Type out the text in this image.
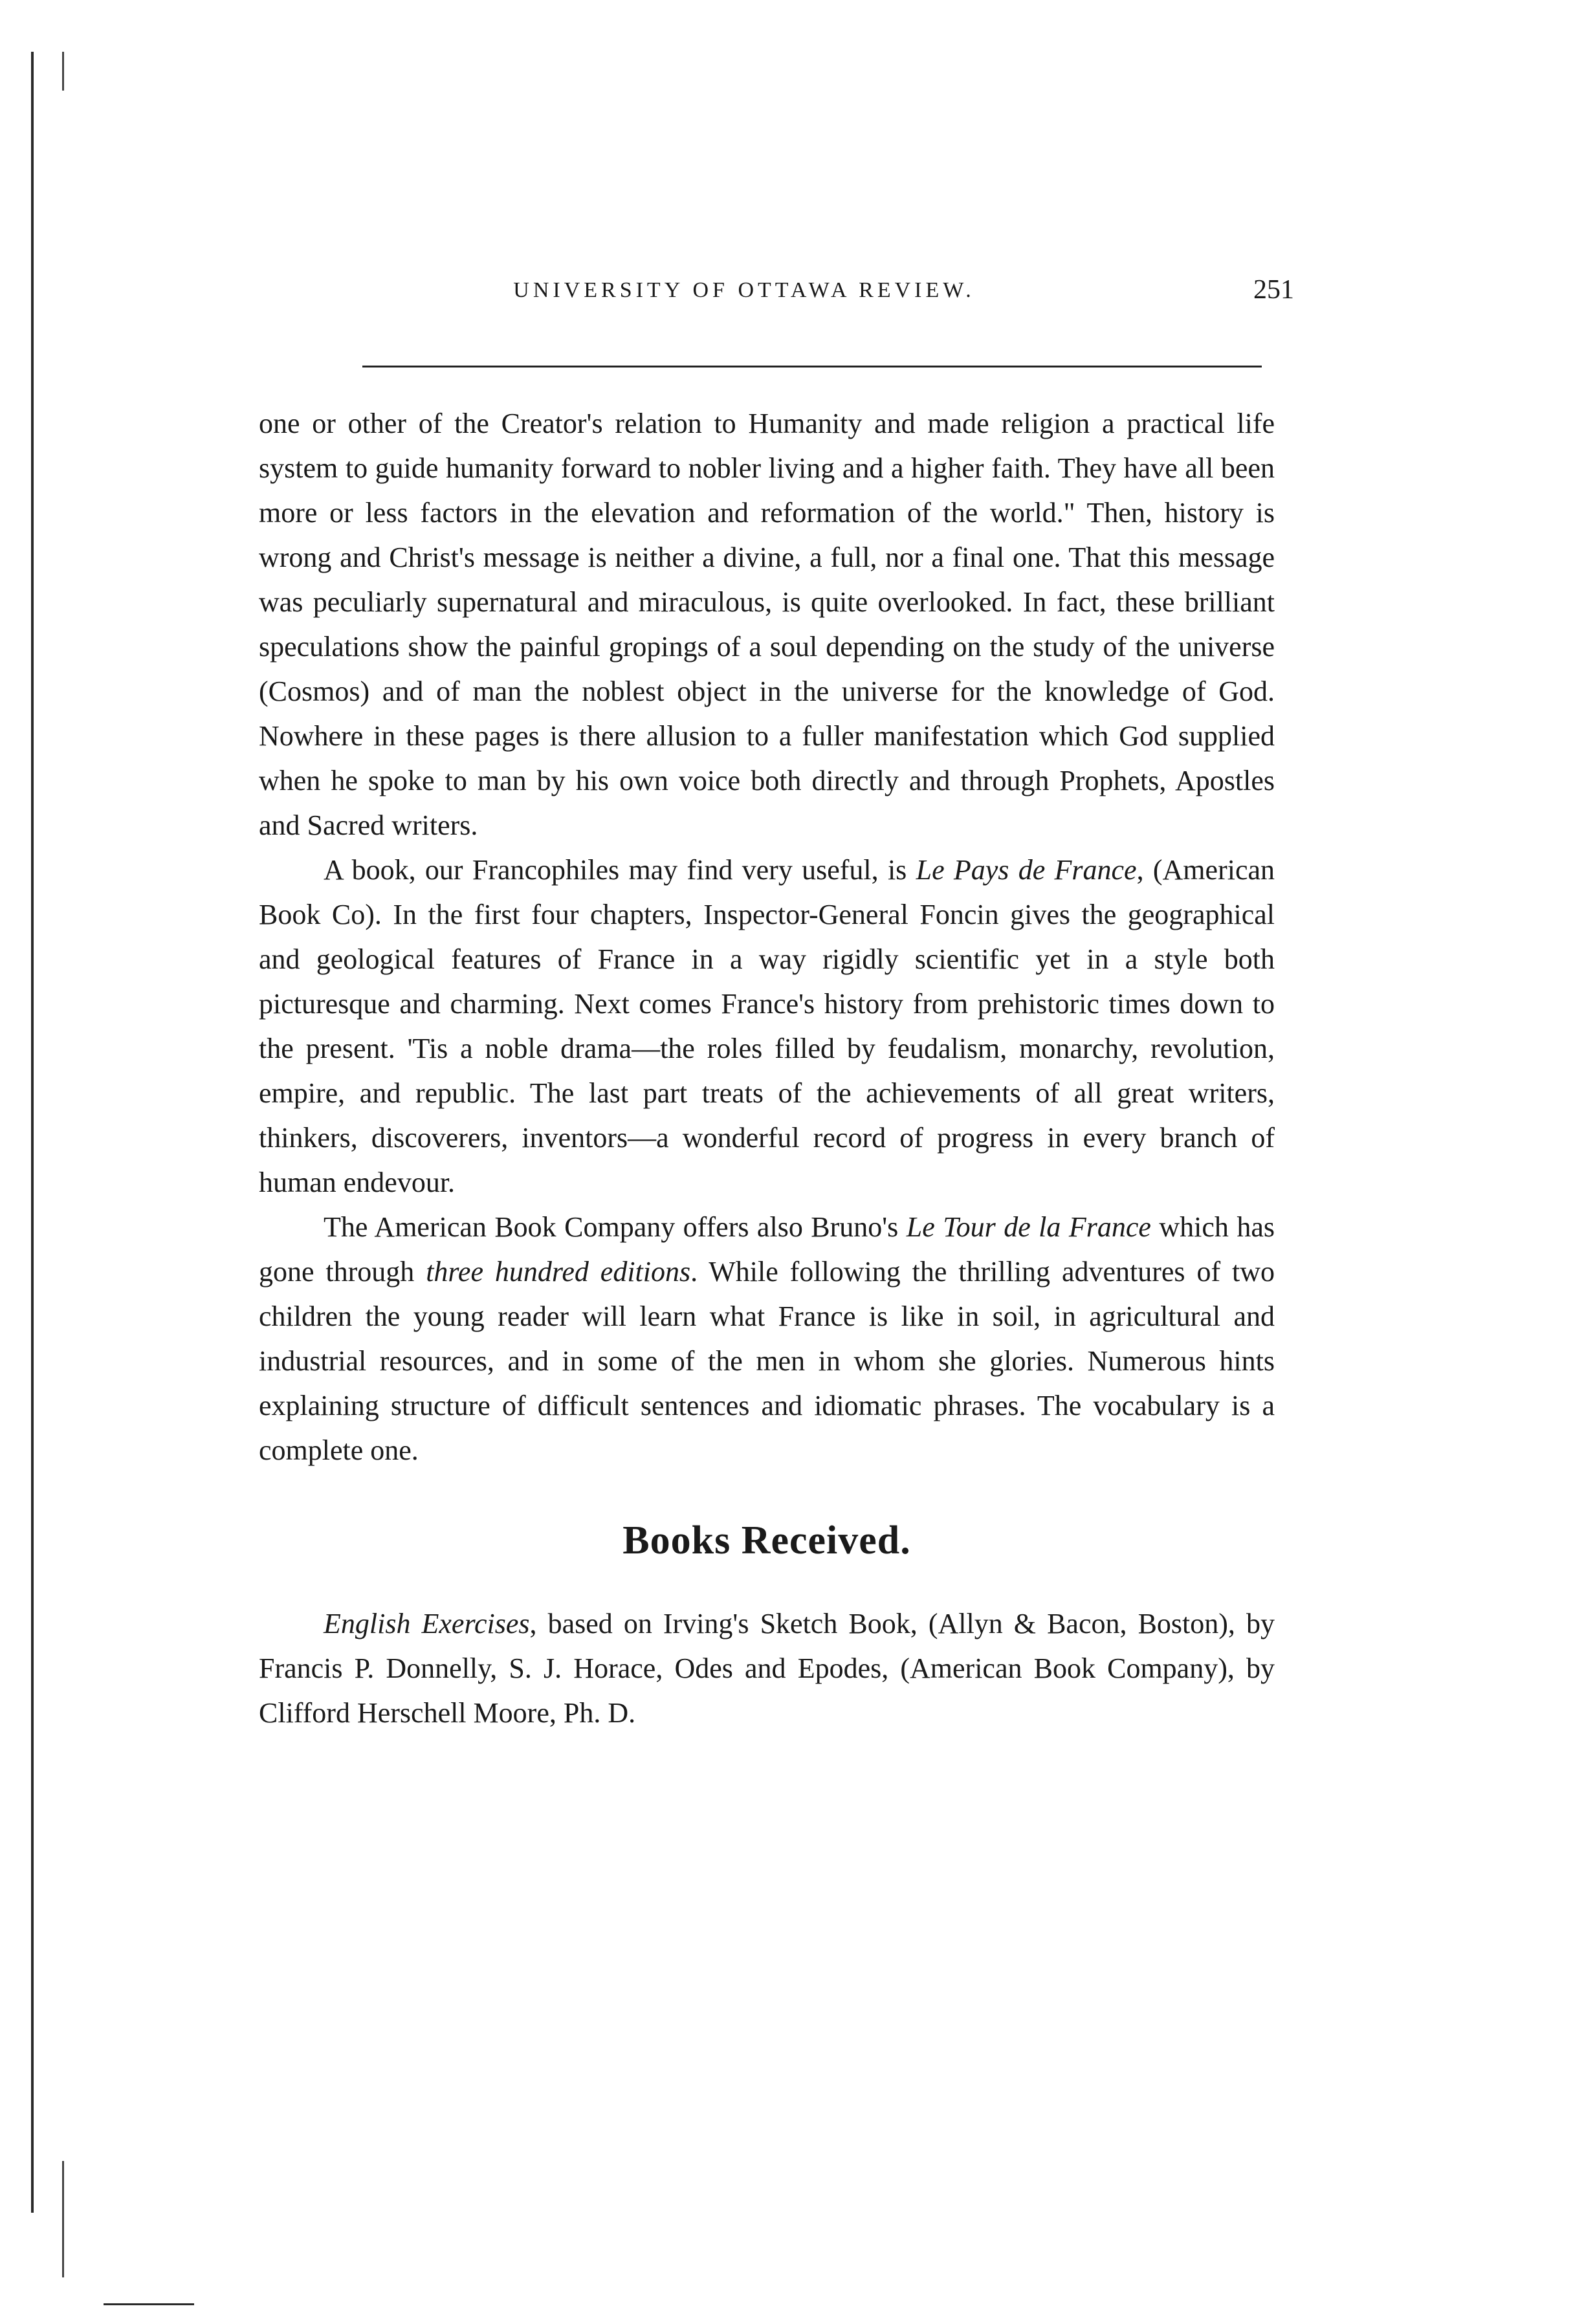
UNIVERSITY OF OTTAWA REVIEW.	251

one or other of the Creator's relation to Humanity and made religion a practical life system to guide humanity forward to nobler living and a higher faith. They have all been more or less factors in the elevation and reformation of the world." Then, history is wrong and Christ's message is neither a divine, a full, nor a final one. That this message was peculiarly supernatural and miraculous, is quite overlooked. In fact, these brilliant speculations show the painful gropings of a soul depending on the study of the universe (Cosmos) and of man the noblest object in the universe for the knowledge of God. Nowhere in these pages is there allusion to a fuller manifestation which God supplied when he spoke to man by his own voice both directly and through Prophets, Apostles and Sacred writers.

A book, our Francophiles may find very useful, is Le Pays de France, (American Book Co). In the first four chapters, Inspector-General Foncin gives the geographical and geological features of France in a way rigidly scientific yet in a style both picturesque and charming. Next comes France's history from prehistoric times down to the present. 'Tis a noble drama—the roles filled by feudalism, monarchy, revolution, empire, and republic. The last part treats of the achievements of all great writers, thinkers, discoverers, inventors—a wonderful record of progress in every branch of human endevour.

The American Book Company offers also Bruno's Le Tour de la France which has gone through three hundred editions. While following the thrilling adventures of two children the young reader will learn what France is like in soil, in agricultural and industrial resources, and in some of the men in whom she glories. Numerous hints explaining structure of difficult sentences and idiomatic phrases. The vocabulary is a complete one.

Books Received.

English Exercises, based on Irving's Sketch Book, (Allyn & Bacon, Boston), by Francis P. Donnelly, S. J. Horace, Odes and Epodes, (American Book Company), by Clifford Herschell Moore, Ph. D.
